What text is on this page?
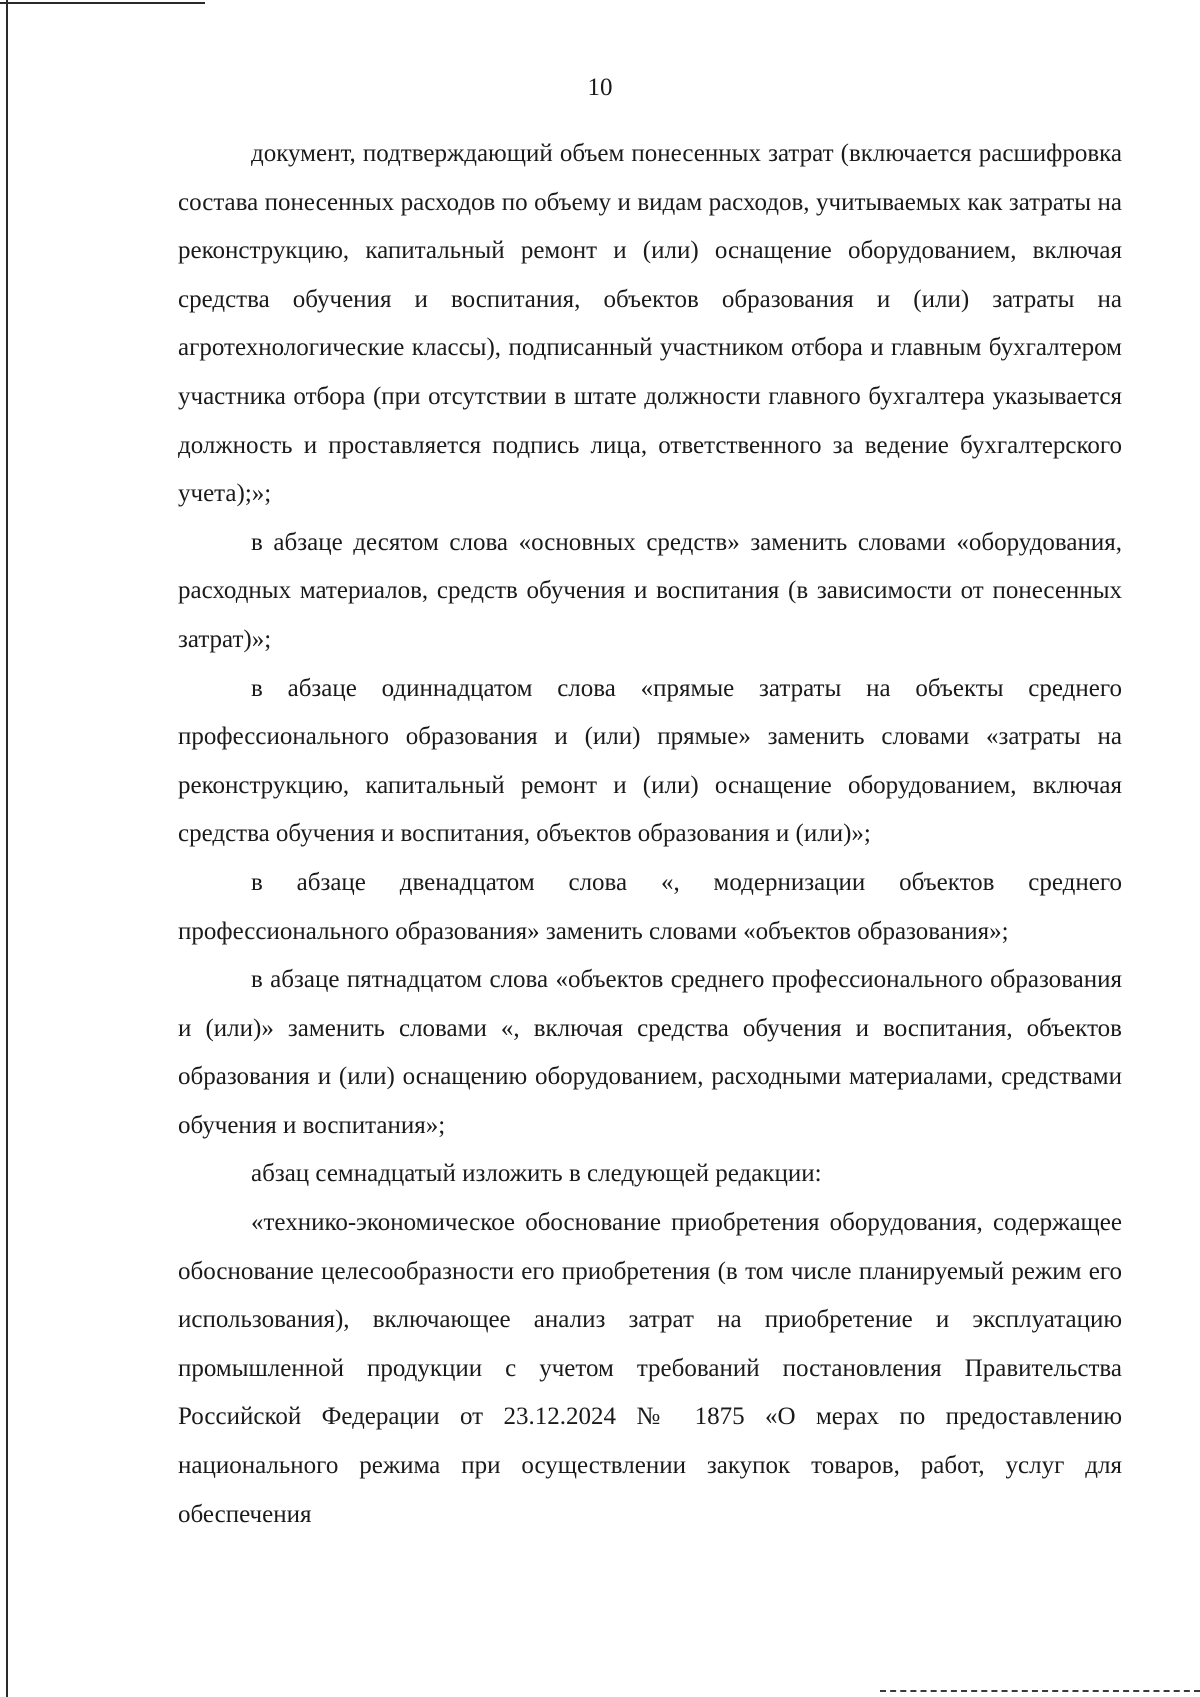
10

документ, подтверждающий объем понесенных затрат (включается расшифровка состава понесенных расходов по объему и видам расходов, учитываемых как затраты на реконструкцию, капитальный ремонт и (или) оснащение оборудованием, включая средства обучения и воспитания, объектов образования и (или) затраты на агротехнологические классы), подписанный участником отбора и главным бухгалтером участника отбора (при отсутствии в штате должности главного бухгалтера указывается должность и проставляется подпись лица, ответственного за ведение бухгалтерского учета);»;

в абзаце десятом слова «основных средств» заменить словами «оборудования, расходных материалов, средств обучения и воспитания (в зависимости от понесенных затрат)»;

в абзаце одиннадцатом слова «прямые затраты на объекты среднего профессионального образования и (или) прямые» заменить словами «затраты на реконструкцию, капитальный ремонт и (или) оснащение оборудованием, включая средства обучения и воспитания, объектов образования и (или)»;

в абзаце двенадцатом слова «, модернизации объектов среднего профессионального образования» заменить словами «объектов образования»;

в абзаце пятнадцатом слова «объектов среднего профессионального образования и (или)» заменить словами «, включая средства обучения и воспитания, объектов образования и (или) оснащению оборудованием, расходными материалами, средствами обучения и воспитания»;

абзац семнадцатый изложить в следующей редакции:

«технико-экономическое обоснование приобретения оборудования, содержащее обоснование целесообразности его приобретения (в том числе планируемый режим его использования), включающее анализ затрат на приобретение и эксплуатацию промышленной продукции с учетом требований постановления Правительства Российской Федерации от 23.12.2024 № 1875 «О мерах по предоставлению национального режима при осуществлении закупок товаров, работ, услуг для обеспечения
